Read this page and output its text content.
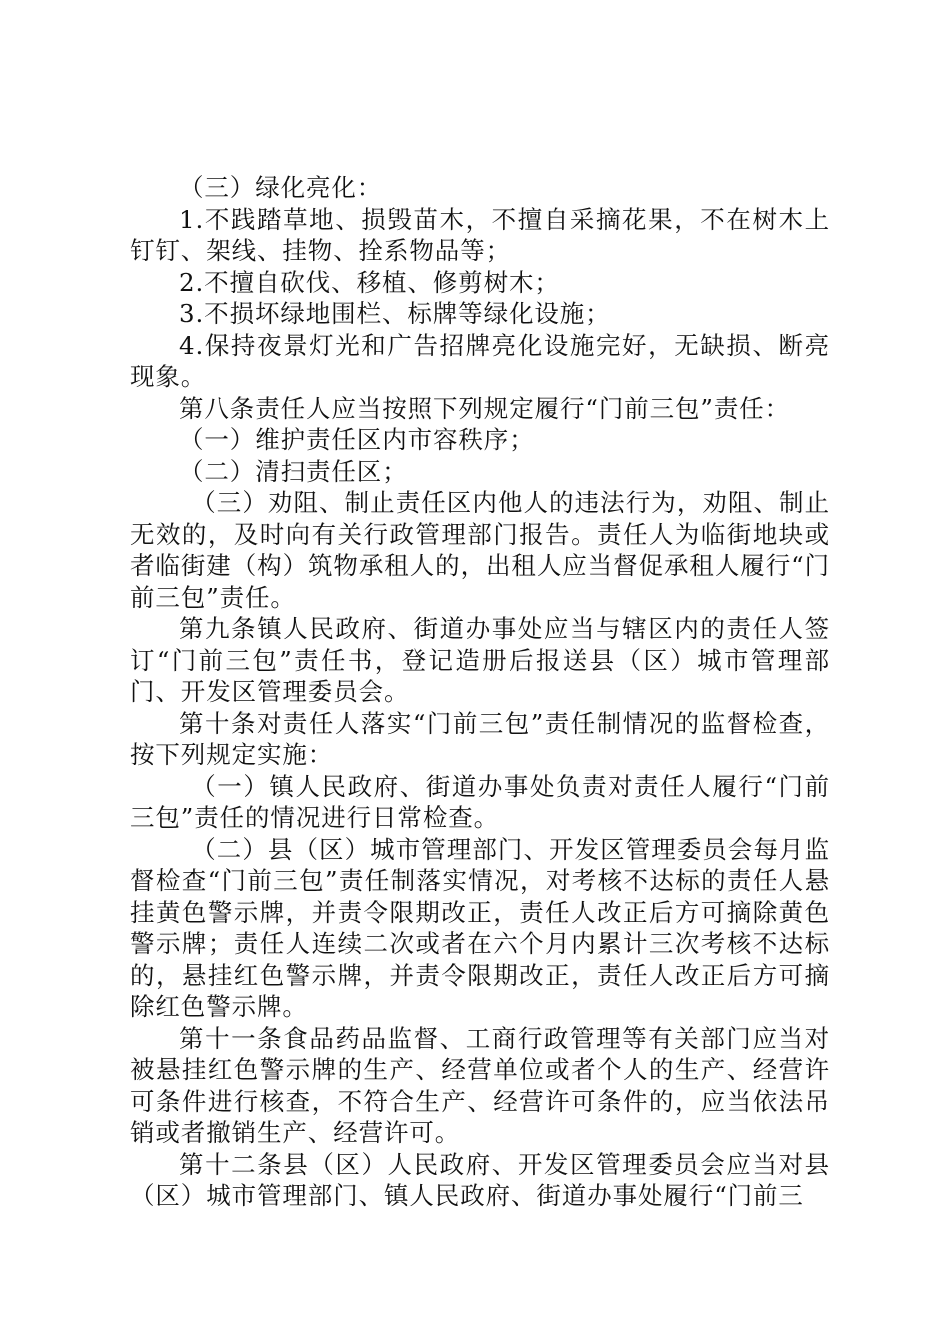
（三）绿化亮化：

1.不践踏草地、损毁苗木，不擅自采摘花果，不在树木上钉钉、架线、挂物、拴系物品等；

2.不擅自砍伐、移植、修剪树木；

3.不损坏绿地围栏、标牌等绿化设施；

4.保持夜景灯光和广告招牌亮化设施完好，无缺损、断亮现象。

第八条责任人应当按照下列规定履行“门前三包”责任：

（一）维护责任区内市容秩序；

（二）清扫责任区；

（三）劝阻、制止责任区内他人的违法行为，劝阻、制止无效的，及时向有关行政管理部门报告。责任人为临街地块或者临街建（构）筑物承租人的，出租人应当督促承租人履行“门前三包”责任。

第九条镇人民政府、街道办事处应当与辖区内的责任人签订“门前三包”责任书，登记造册后报送县（区）城市管理部门、开发区管理委员会。

第十条对责任人落实“门前三包”责任制情况的监督检查，按下列规定实施：

（一）镇人民政府、街道办事处负责对责任人履行“门前三包”责任的情况进行日常检查。

（二）县（区）城市管理部门、开发区管理委员会每月监督检查“门前三包”责任制落实情况，对考核不达标的责任人悬挂黄色警示牌，并责令限期改正，责任人改正后方可摘除黄色警示牌；责任人连续二次或者在六个月内累计三次考核不达标的，悬挂红色警示牌，并责令限期改正，责任人改正后方可摘除红色警示牌。

第十一条食品药品监督、工商行政管理等有关部门应当对被悬挂红色警示牌的生产、经营单位或者个人的生产、经营许可条件进行核查，不符合生产、经营许可条件的，应当依法吊销或者撤销生产、经营许可。

第十二条县（区）人民政府、开发区管理委员会应当对县（区）城市管理部门、镇人民政府、街道办事处履行“门前三
